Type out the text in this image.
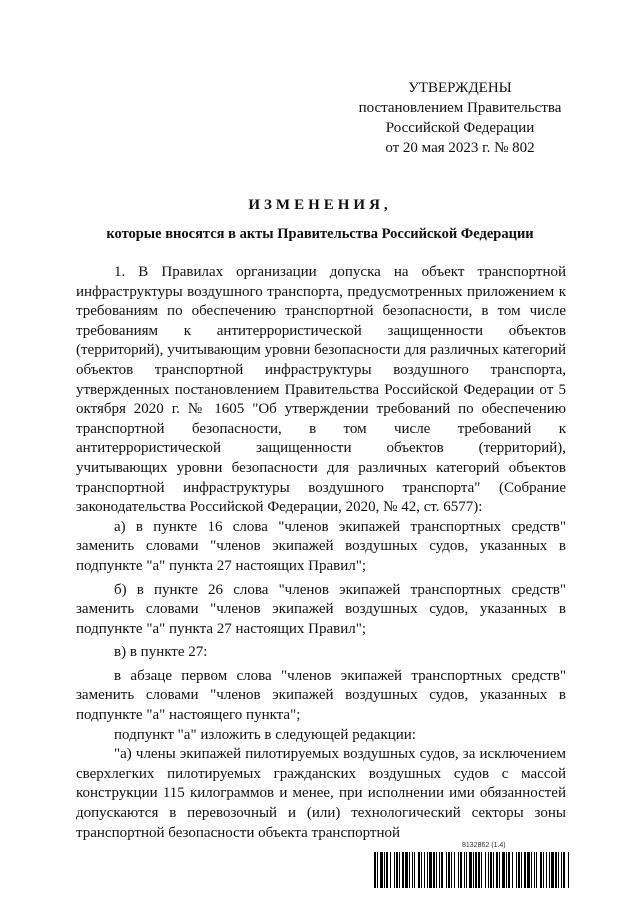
УТВЕРЖДЕНЫ
постановлением Правительства
Российской Федерации
от 20 мая 2023 г. № 802
ИЗМЕНЕНИЯ,
которые вносятся в акты Правительства Российской Федерации

1. В Правилах организации допуска на объект транспортной инфраструктуры воздушного транспорта, предусмотренных приложением к требованиям по обеспечению транспортной безопасности, в том числе требованиям к антитеррористической защищенности объектов (территорий), учитывающим уровни безопасности для различных категорий объектов транспортной инфраструктуры воздушного транспорта, утвержденных постановлением Правительства Российской Федерации от 5 октября 2020 г. № 1605 "Об утверждении требований по обеспечению транспортной безопасности, в том числе требований к антитеррористической защищенности объектов (территорий), учитывающих уровни безопасности для различных категорий объектов транспортной инфраструктуры воздушного транспорта" (Собрание законодательства Российской Федерации, 2020, № 42, ст. 6577):

а) в пункте 16 слова "членов экипажей транспортных средств" заменить словами "членов экипажей воздушных судов, указанных в подпункте "а" пункта 27 настоящих Правил";

б) в пункте 26 слова "членов экипажей транспортных средств" заменить словами "членов экипажей воздушных судов, указанных в подпункте "а" пункта 27 настоящих Правил";

в) в пункте 27:

в абзаце первом слова "членов экипажей транспортных средств" заменить словами "членов экипажей воздушных судов, указанных в подпункте "а" настоящего пункта";

подпункт "а" изложить в следующей редакции:

"а) члены экипажей пилотируемых воздушных судов, за исключением сверхлегких пилотируемых гражданских воздушных судов с массой конструкции 115 килограммов и менее, при исполнении ими обязанностей допускаются в перевозочный и (или) технологический секторы зоны транспортной безопасности объекта транспортной

8132862 (1.4)
